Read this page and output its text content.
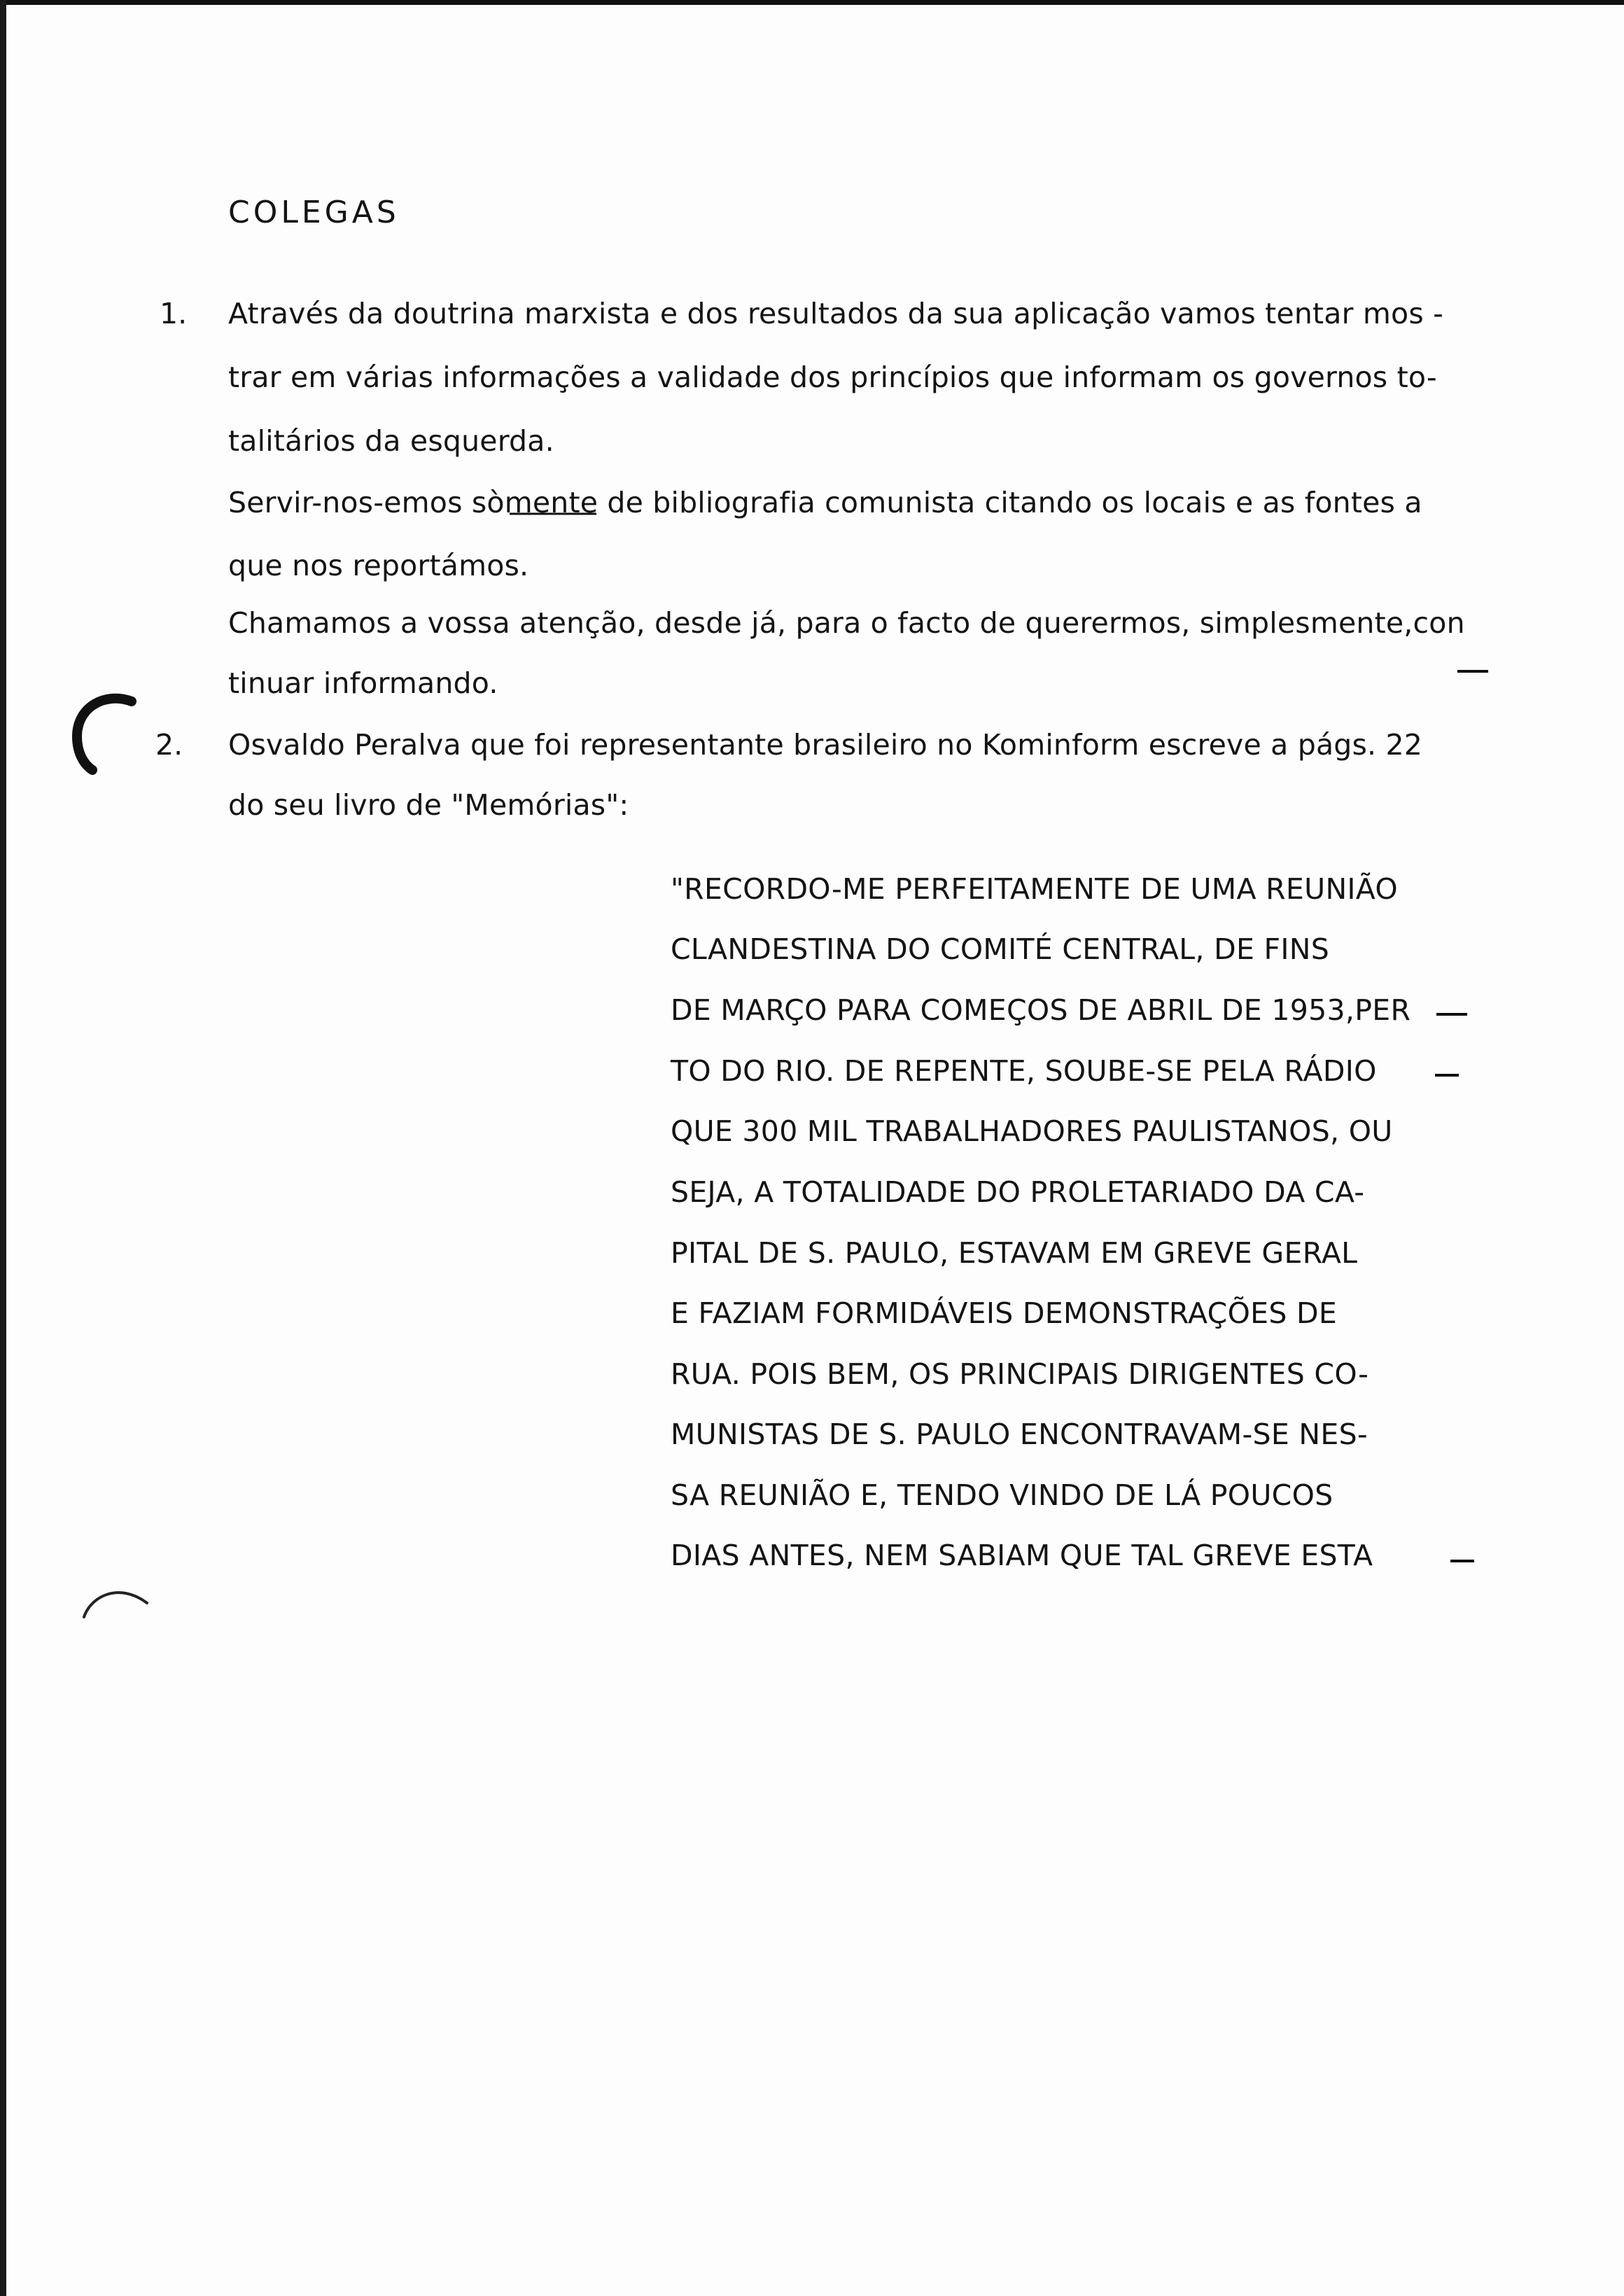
COLEGAS
1. Através da doutrina marxista e dos resultados da sua aplicação vamos tentar mos -
trar em várias informações a validade dos princípios que informam os governos to-
talitários da esquerda.
Servir-nos-emos sòmente de bibliografia comunista citando os locais e as fontes a
que nos reportámos.
Chamamos a vossa atenção, desde já, para o facto de querermos, simplesmente,con
tinuar informando.
2. Osvaldo Peralva que foi representante brasileiro no Kominform escreve a págs. 22
do seu livro de "Memórias":
"RECORDO-ME PERFEITAMENTE DE UMA REUNIÃO
CLANDESTINA DO COMITÉ CENTRAL, DE FINS
DE MARÇO PARA COMEÇOS DE ABRIL DE 1953,PER
TO DO RIO. DE REPENTE, SOUBE-SE PELA RÁDIO
QUE 300 MIL TRABALHADORES PAULISTANOS, OU
SEJA, A TOTALIDADE DO PROLETARIADO DA CA-
PITAL DE S. PAULO, ESTAVAM EM GREVE GERAL
E FAZIAM FORMIDÁVEIS DEMONSTRAÇÕES DE
RUA. POIS BEM, OS PRINCIPAIS DIRIGENTES CO-
MUNISTAS DE S. PAULO ENCONTRAVAM-SE NES-
SA REUNIÃO E, TENDO VINDO DE LÁ POUCOS
DIAS ANTES, NEM SABIAM QUE TAL GREVE ESTA
